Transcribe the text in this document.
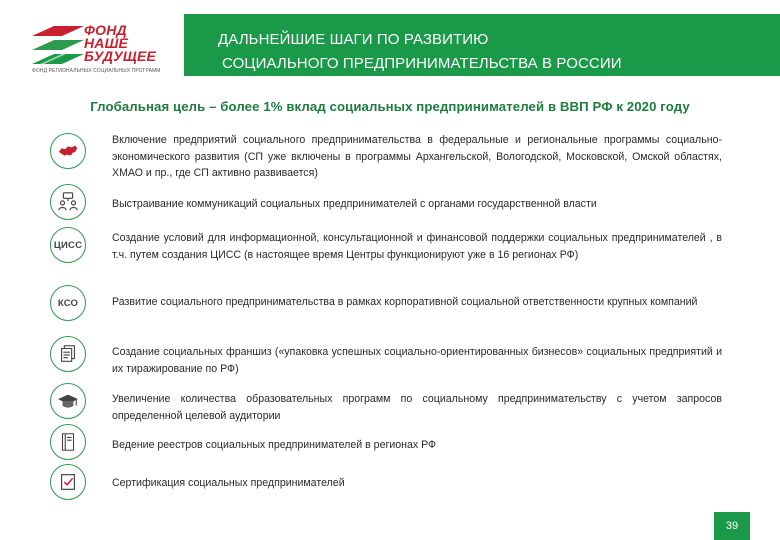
ФОНД
НАШЕ
БУДУЩЕЕ
ФОНД РЕГИОНАЛЬНЫХ СОЦИАЛЬНЫХ ПРОГРАММ
ДАЛЬНЕЙШИЕ ШАГИ ПО РАЗВИТИЮ
СОЦИАЛЬНОГО ПРЕДПРИНИМАТЕЛЬСТВА В РОССИИ
Глобальная цель – более 1% вклад социальных предпринимателей в ВВП РФ к 2020 году
Включение предприятий социального предпринимательства в федеральные и региональные программы социально- экономического развития (СП уже включены в программы Архангельской, Вологодской, Московской, Омской областях, ХМАО и пр., где СП активно развивается)
Выстраивание коммуникаций социальных предпринимателей с органами государственной власти
ЦИСС
Создание условий для информационной, консультационной и финансовой поддержки социальных предпринимателей , в т.ч. путем создания ЦИСС (в настоящее время Центры функционируют уже в 16 регионах РФ)
КСО	Развитие социального предпринимательства в рамках корпоративной социальной ответственности крупных компаний
Создание социальных франшиз («упаковка успешных социально-ориентированных бизнесов» социальных предприятий и их тиражирование по РФ)
Увеличение количества образовательных программ по социальному предпринимательству с учетом запросов определенной целевой аудитории
Ведение реестров социальных предпринимателей в регионах РФ
Сертификация социальных предпринимателей
39
